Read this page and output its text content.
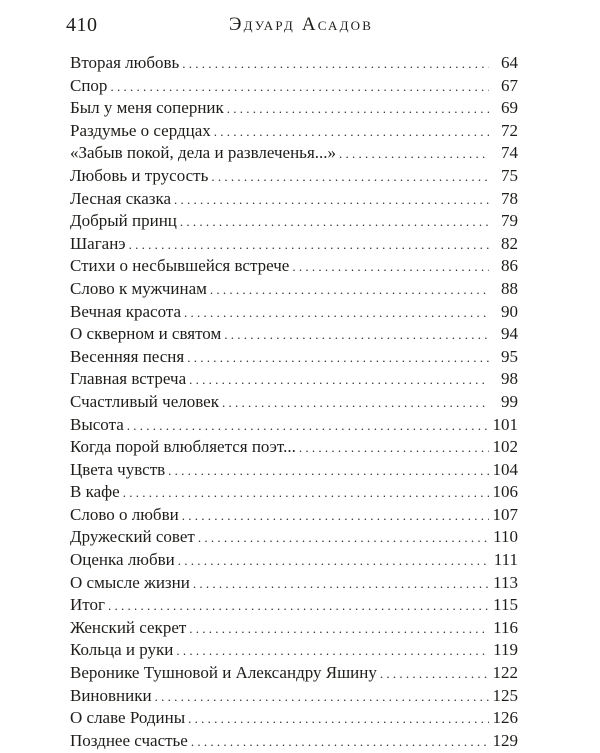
410	Эдуард Асадов
Вторая любовь . . .	64
Спор . . .	67
Был у меня соперник . . .	69
Раздумье о сердцах . . .	72
«Забыв покой, дела и развлеченья...» . . .	74
Любовь и трусость . . .	75
Лесная сказка . . .	78
Добрый принц . . .	79
Шаганэ . . .	82
Стихи о несбывшейся встрече . . .	86
Слово к мужчинам . . .	88
Вечная красота . . .	90
О скверном и святом . . .	94
Весенняя песня . . .	95
Главная встреча . . .	98
Счастливый человек . . .	99
Высота . . .	101
Когда порой влюбляется поэт... . . .	102
Цвета чувств . . .	104
В кафе . . .	106
Слово о любви . . .	107
Дружеский совет . . .	110
Оценка любви . . .	111
О смысле жизни . . .	113
Итог . . .	115
Женский секрет . . .	116
Кольца и руки . . .	119
Веронике Тушновой и Александру Яшину . . .	122
Виновники . . .	125
О славе Родины . . .	126
Позднее счастье . . .	129
